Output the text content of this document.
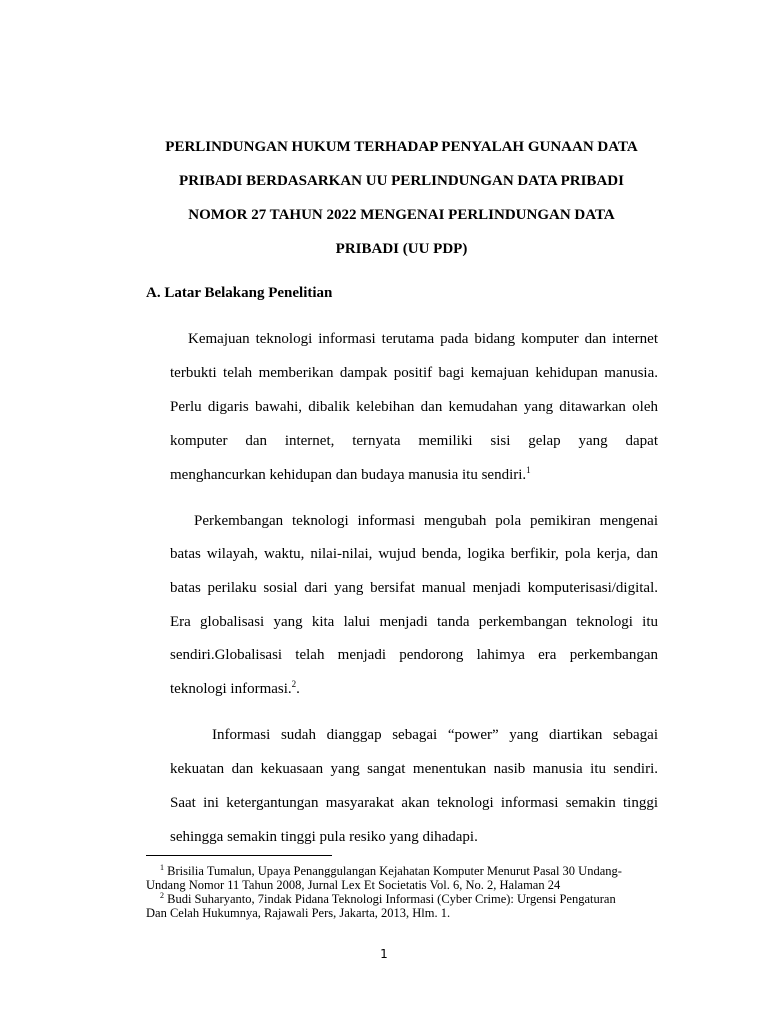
PERLINDUNGAN HUKUM TERHADAP PENYALAH GUNAAN DATA

PRIBADI BERDASARKAN UU PERLINDUNGAN DATA PRIBADI

NOMOR 27 TAHUN 2022 MENGENAI PERLINDUNGAN DATA

PRIBADI (UU PDP)

A. Latar Belakang Penelitian

Kemajuan teknologi informasi terutama pada bidang komputer dan internet

terbukti telah memberikan dampak positif bagi kemajuan kehidupan manusia.

Perlu digaris bawahi, dibalik kelebihan dan kemudahan yang ditawarkan oleh

komputer dan internet, ternyata memiliki sisi gelap yang dapat

menghancurkan kehidupan dan budaya manusia itu sendiri.$^1$

Perkembangan teknologi informasi mengubah pola pemikiran mengenai

batas wilayah, waktu, nilai-nilai, wujud benda, logika berfikir, pola kerja, dan

batas perilaku sosial dari yang bersifat manual menjadi komputerisasi/digital.

Era globalisasi yang kita lalui menjadi tanda perkembangan teknologi itu

sendiri.Globalisasi telah menjadi pendorong lahimya era perkembangan

teknologi informasi.$^2$.

Informasi sudah dianggap sebagai “power” yang diartikan sebagai

kekuatan dan kekuasaan yang sangat menentukan nasib manusia itu sendiri.

Saat ini ketergantungan masyarakat akan teknologi informasi semakin tinggi

sehingga semakin tinggi pula resiko yang dihadapi.

$^1$ Brisilia Tumalun, Upaya Penanggulangan Kejahatan Komputer Menurut Pasal 30 Undang-

Undang Nomor 11 Tahun 2008, Jurnal Lex Et Societatis Vol. 6, No. 2, Halaman 24

$^2$ Budi Suharyanto, 7indak Pidana Teknologi Informasi (Cyber Crime): Urgensi Pengaturan

Dan Celah Hukumnya, Rajawali Pers, Jakarta, 2013, Hlm. 1.

1
